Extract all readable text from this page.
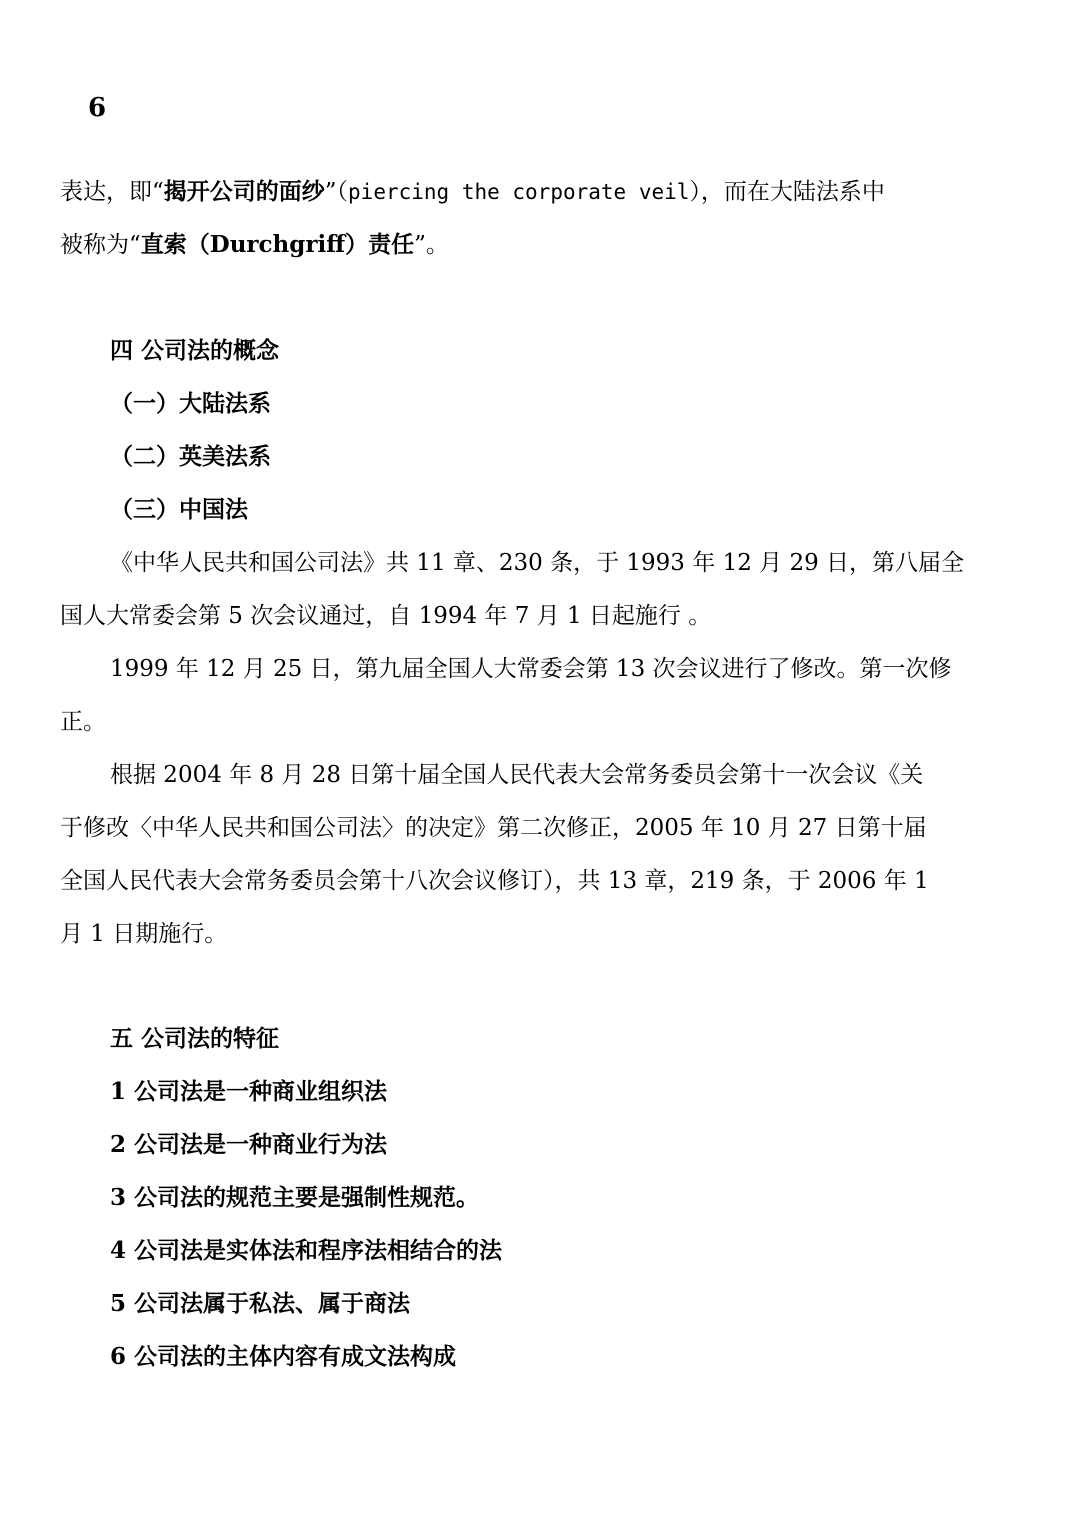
6

表达，即“揭开公司的面纱”（piercing the corporate veil），而在大陆法系中

被称为“直索（Durchgriff）责任”。

四 公司法的概念

（一）大陆法系

（二）英美法系

（三）中国法

《中华人民共和国公司法》共 11 章、230 条，于 1993 年 12 月 29 日，第八届全

国人大常委会第 5 次会议通过，自 1994 年 7 月 1 日起施行 。

1999 年 12 月 25 日，第九届全国人大常委会第 13 次会议进行了修改。第一次修

正。

根据 2004 年 8 月 28 日第十届全国人民代表大会常务委员会第十一次会议《关

于修改〈中华人民共和国公司法〉的决定》第二次修正，2005 年 10 月 27 日第十届

全国人民代表大会常务委员会第十八次会议修订），共 13 章，219 条，于 2006 年 1

月 1 日期施行。

五 公司法的特征

1 公司法是一种商业组织法

2 公司法是一种商业行为法

3 公司法的规范主要是强制性规范。

4 公司法是实体法和程序法相结合的法

5 公司法属于私法、属于商法

6 公司法的主体内容有成文法构成
